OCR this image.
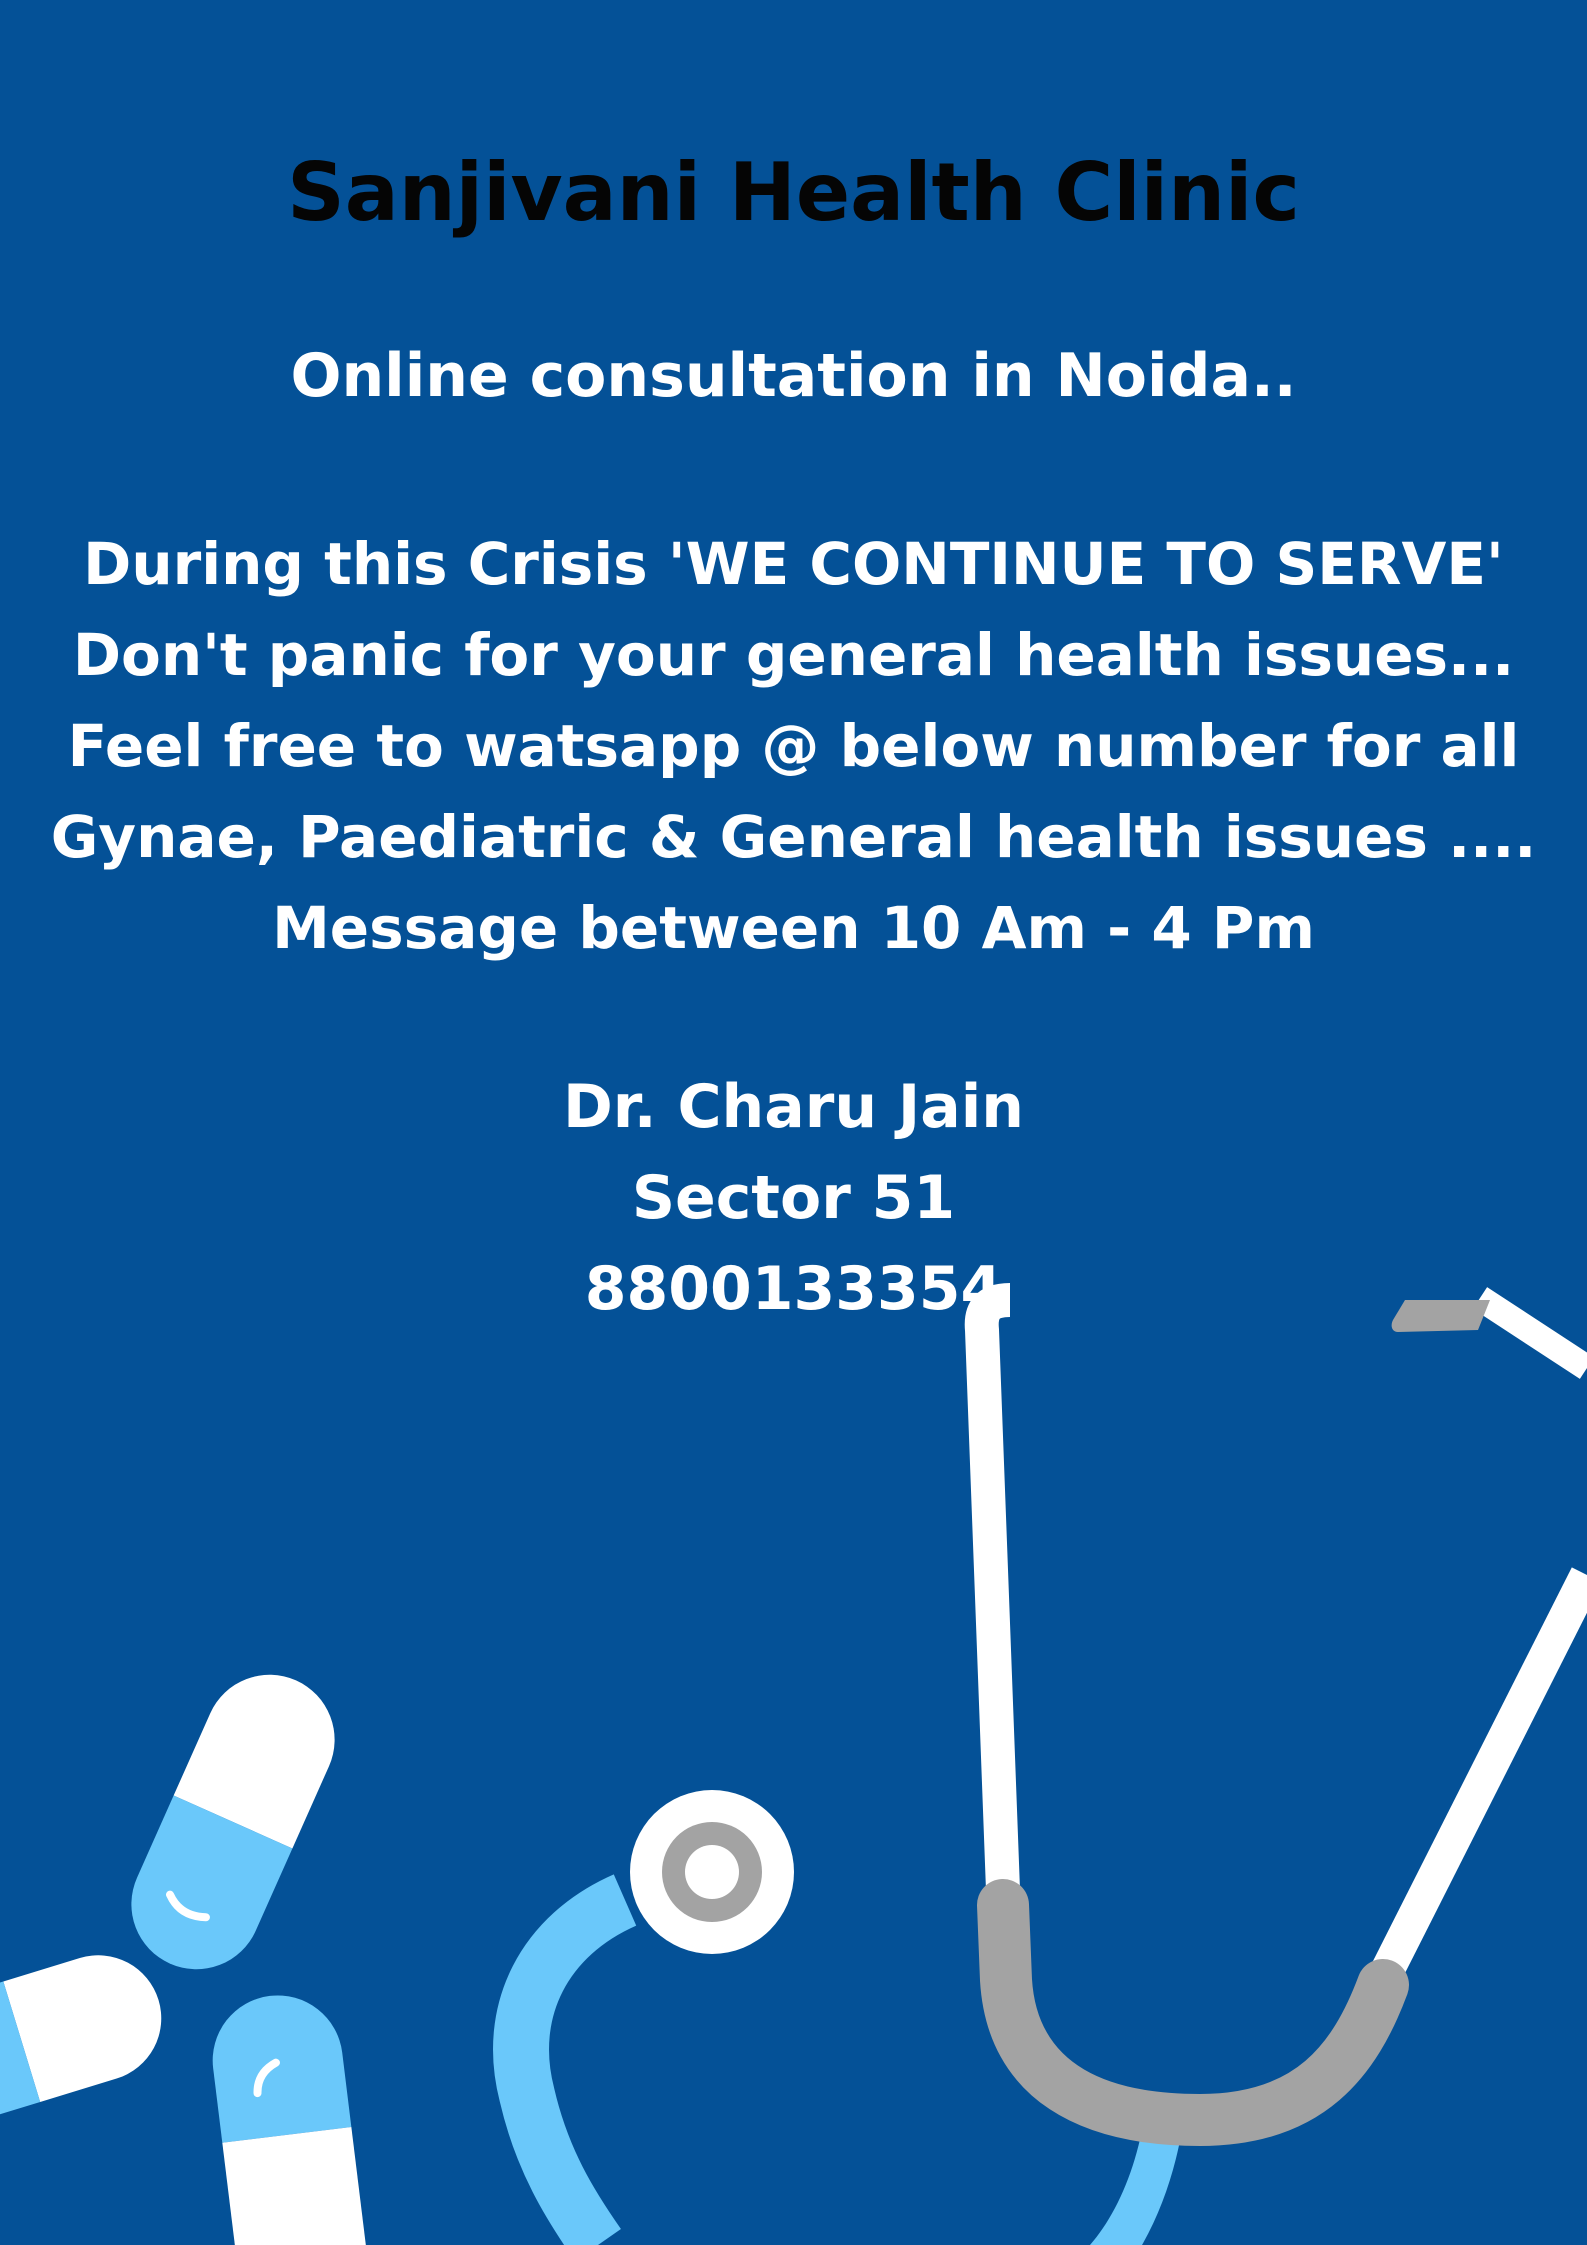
Sanjivani Health Clinic

Online consultation in Noida..

During this Crisis 'WE CONTINUE TO SERVE'
Don't panic for your general health issues...
Feel free to watsapp @ below number for all
Gynae, Paediatric & General health issues ....
Message between 10 Am - 4 Pm
Dr. Charu Jain
Sector 51
8800133354
